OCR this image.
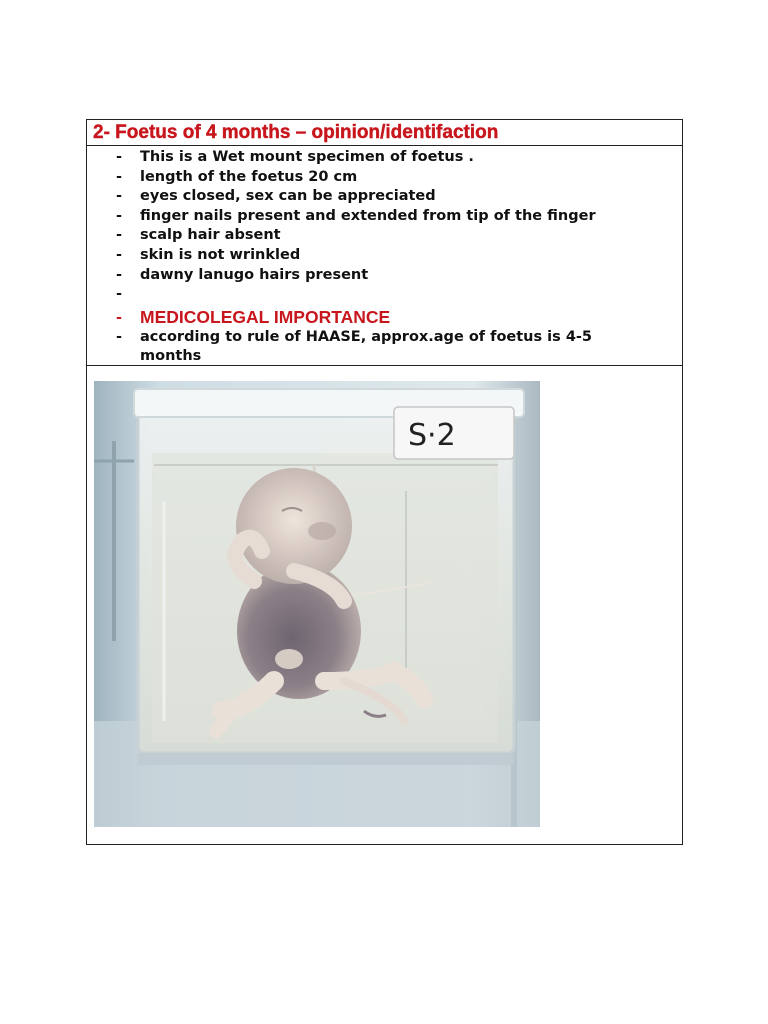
2- Foetus of 4 months – opinion/identifaction
- This is a Wet mount specimen of foetus .
- length of the foetus 20 cm
- eyes closed, sex can be appreciated
- finger nails present and extended from tip of the finger
- scalp hair absent
- skin is not wrinkled
- dawny lanugo hairs present
-

- MEDICOLEGAL IMPORTANCE
- according to rule of HAASE, approx.age of foetus is 4-5 months
S·2
